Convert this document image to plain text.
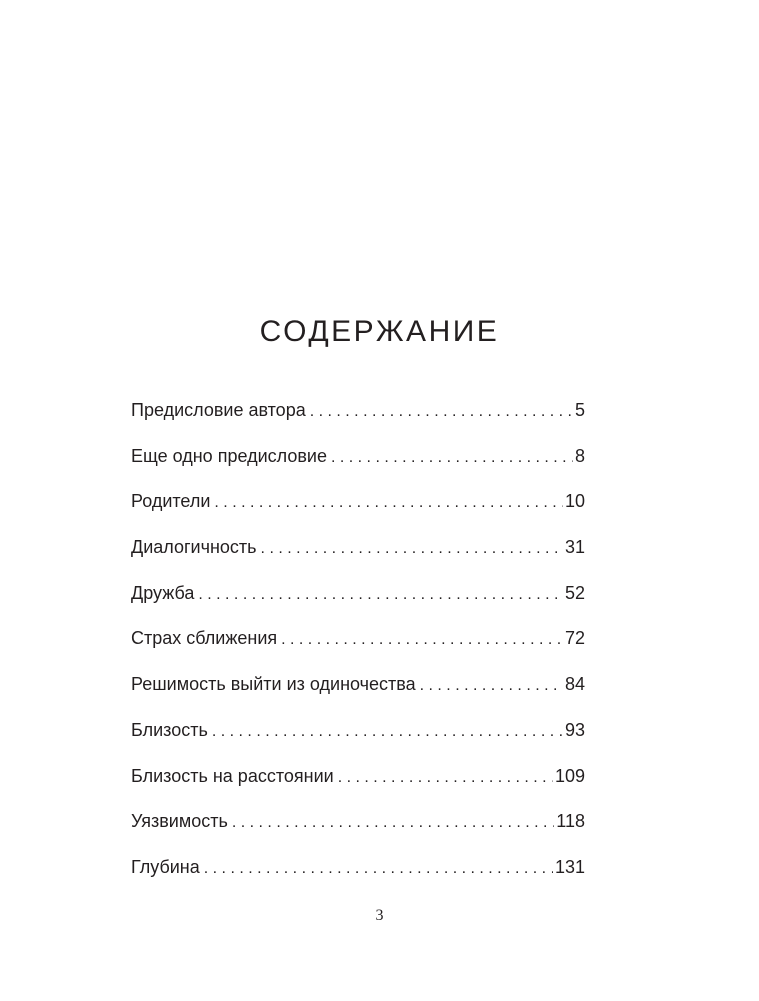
СОДЕРЖАНИЕ
Предисловие автора . . .	5
Еще одно предисловие . . .	8
Родители . . .	10
Диалогичность . . .	31
Дружба . . .	52
Страх сближения . . .	72
Решимость выйти из одиночества . . .	84
Близость . . .	93
Близость на расстоянии . . .	109
Уязвимость . . .	118
Глубина . . .	131
3
